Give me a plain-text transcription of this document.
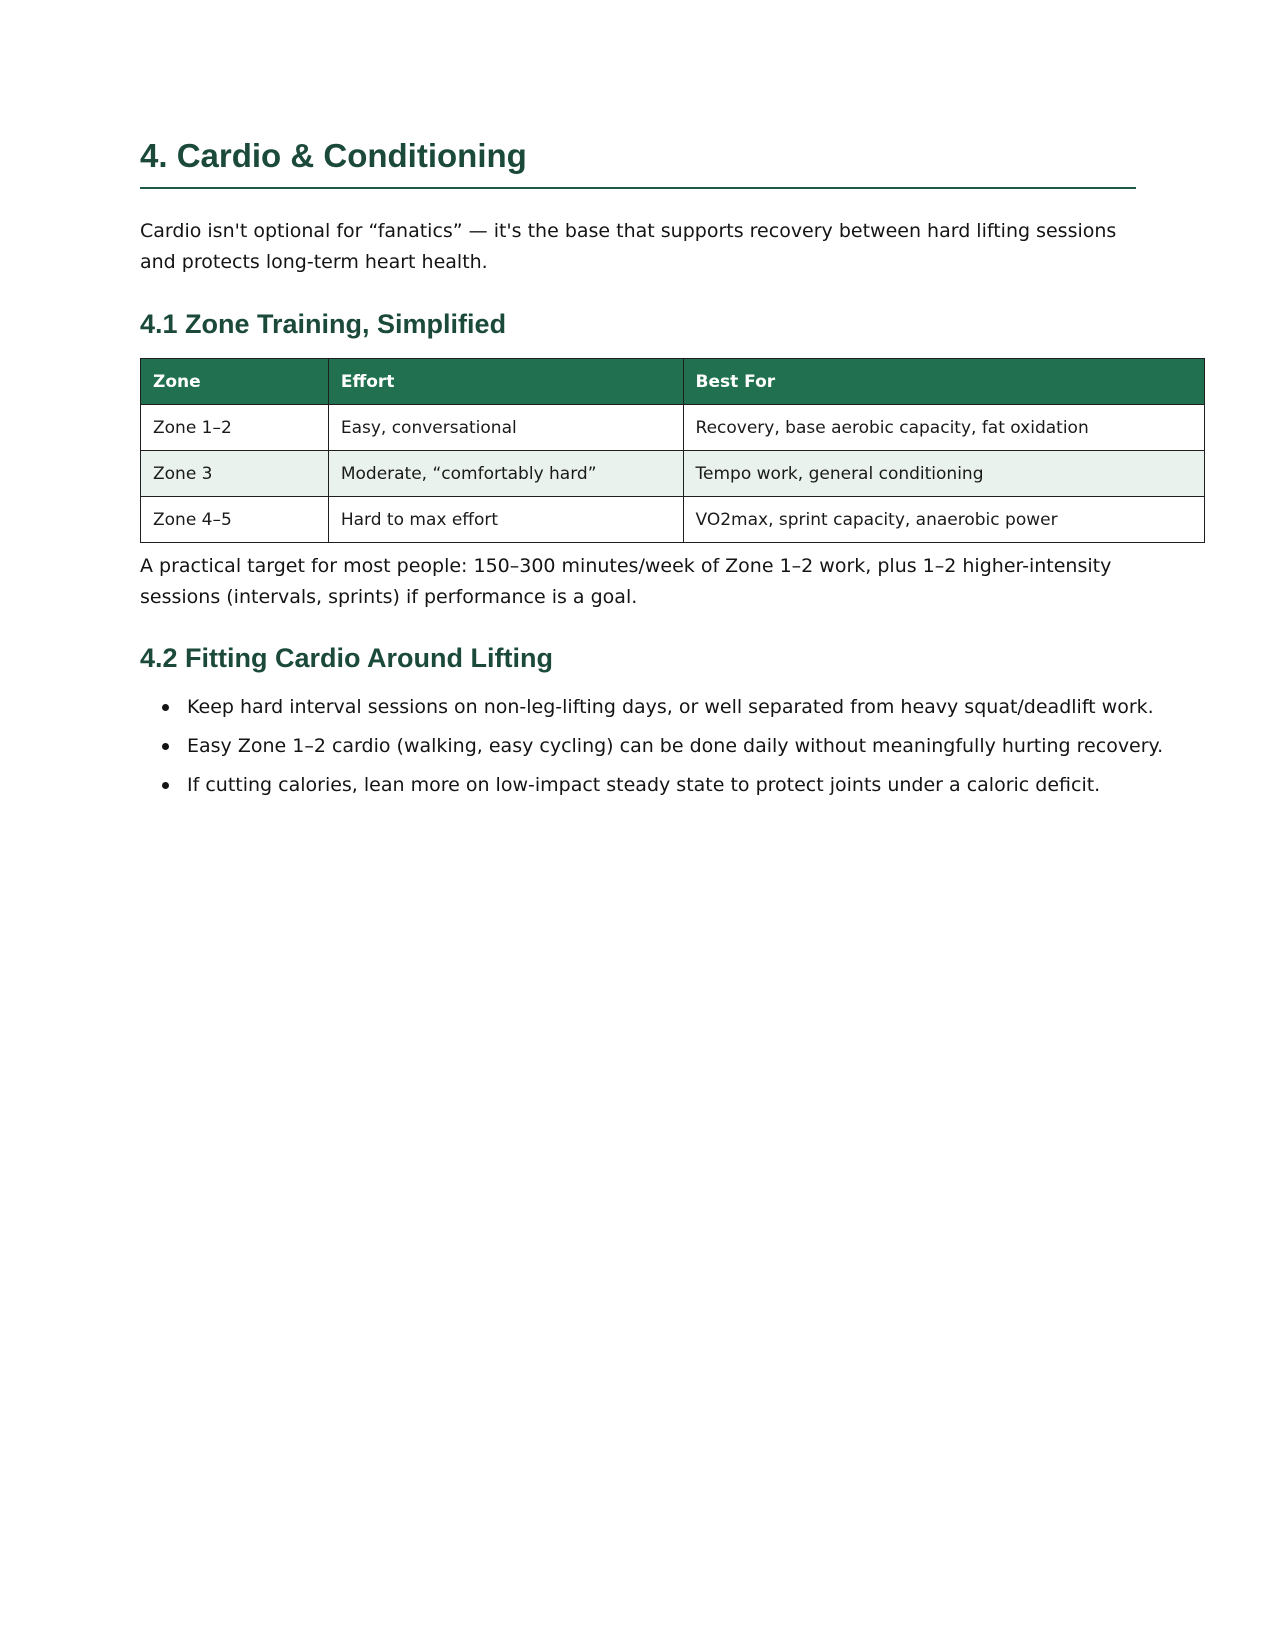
4. Cardio & Conditioning

Cardio isn't optional for “fanatics” — it's the base that supports recovery between hard lifting sessions and protects long-term heart health.

4.1 Zone Training, Simplified
Zone	Effort	Best For
Zone 1–2	Easy, conversational	Recovery, base aerobic capacity, fat oxidation
Zone 3	Moderate, “comfortably hard”	Tempo work, general conditioning
Zone 4–5	Hard to max effort	VO2max, sprint capacity, anaerobic power

A practical target for most people: 150–300 minutes/week of Zone 1–2 work, plus 1–2 higher-intensity sessions (intervals, sprints) if performance is a goal.

4.2 Fitting Cardio Around Lifting
Keep hard interval sessions on non-leg-lifting days, or well separated from heavy squat/deadlift work.
Easy Zone 1–2 cardio (walking, easy cycling) can be done daily without meaningfully hurting recovery.
If cutting calories, lean more on low-impact steady state to protect joints under a caloric deficit.
